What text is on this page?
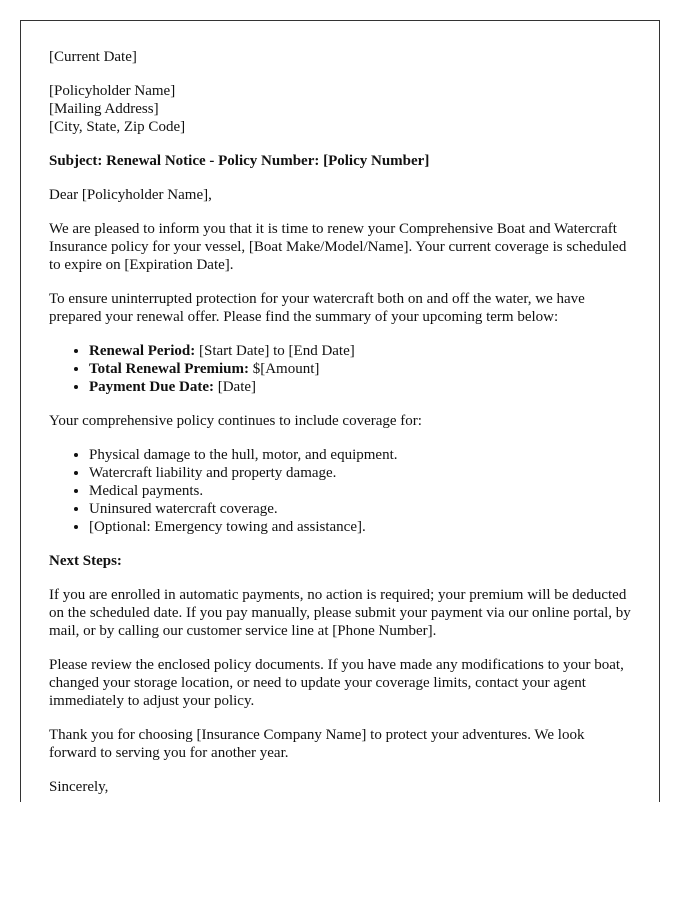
[Current Date]

[Policyholder Name]
[Mailing Address]
[City, State, Zip Code]

Subject: Renewal Notice - Policy Number: [Policy Number]

Dear [Policyholder Name],

We are pleased to inform you that it is time to renew your Comprehensive Boat and Watercraft Insurance policy for your vessel, [Boat Make/Model/Name]. Your current coverage is scheduled to expire on [Expiration Date].

To ensure uninterrupted protection for your watercraft both on and off the water, we have prepared your renewal offer. Please find the summary of your upcoming term below:

• Renewal Period: [Start Date] to [End Date]
• Total Renewal Premium: $[Amount]
• Payment Due Date: [Date]

Your comprehensive policy continues to include coverage for:

• Physical damage to the hull, motor, and equipment.
• Watercraft liability and property damage.
• Medical payments.
• Uninsured watercraft coverage.
• [Optional: Emergency towing and assistance].

Next Steps:

If you are enrolled in automatic payments, no action is required; your premium will be deducted on the scheduled date. If you pay manually, please submit your payment via our online portal, by mail, or by calling our customer service line at [Phone Number].

Please review the enclosed policy documents. If you have made any modifications to your boat, changed your storage location, or need to update your coverage limits, contact your agent immediately to adjust your policy.

Thank you for choosing [Insurance Company Name] to protect your adventures. We look forward to serving you for another year.

Sincerely,
